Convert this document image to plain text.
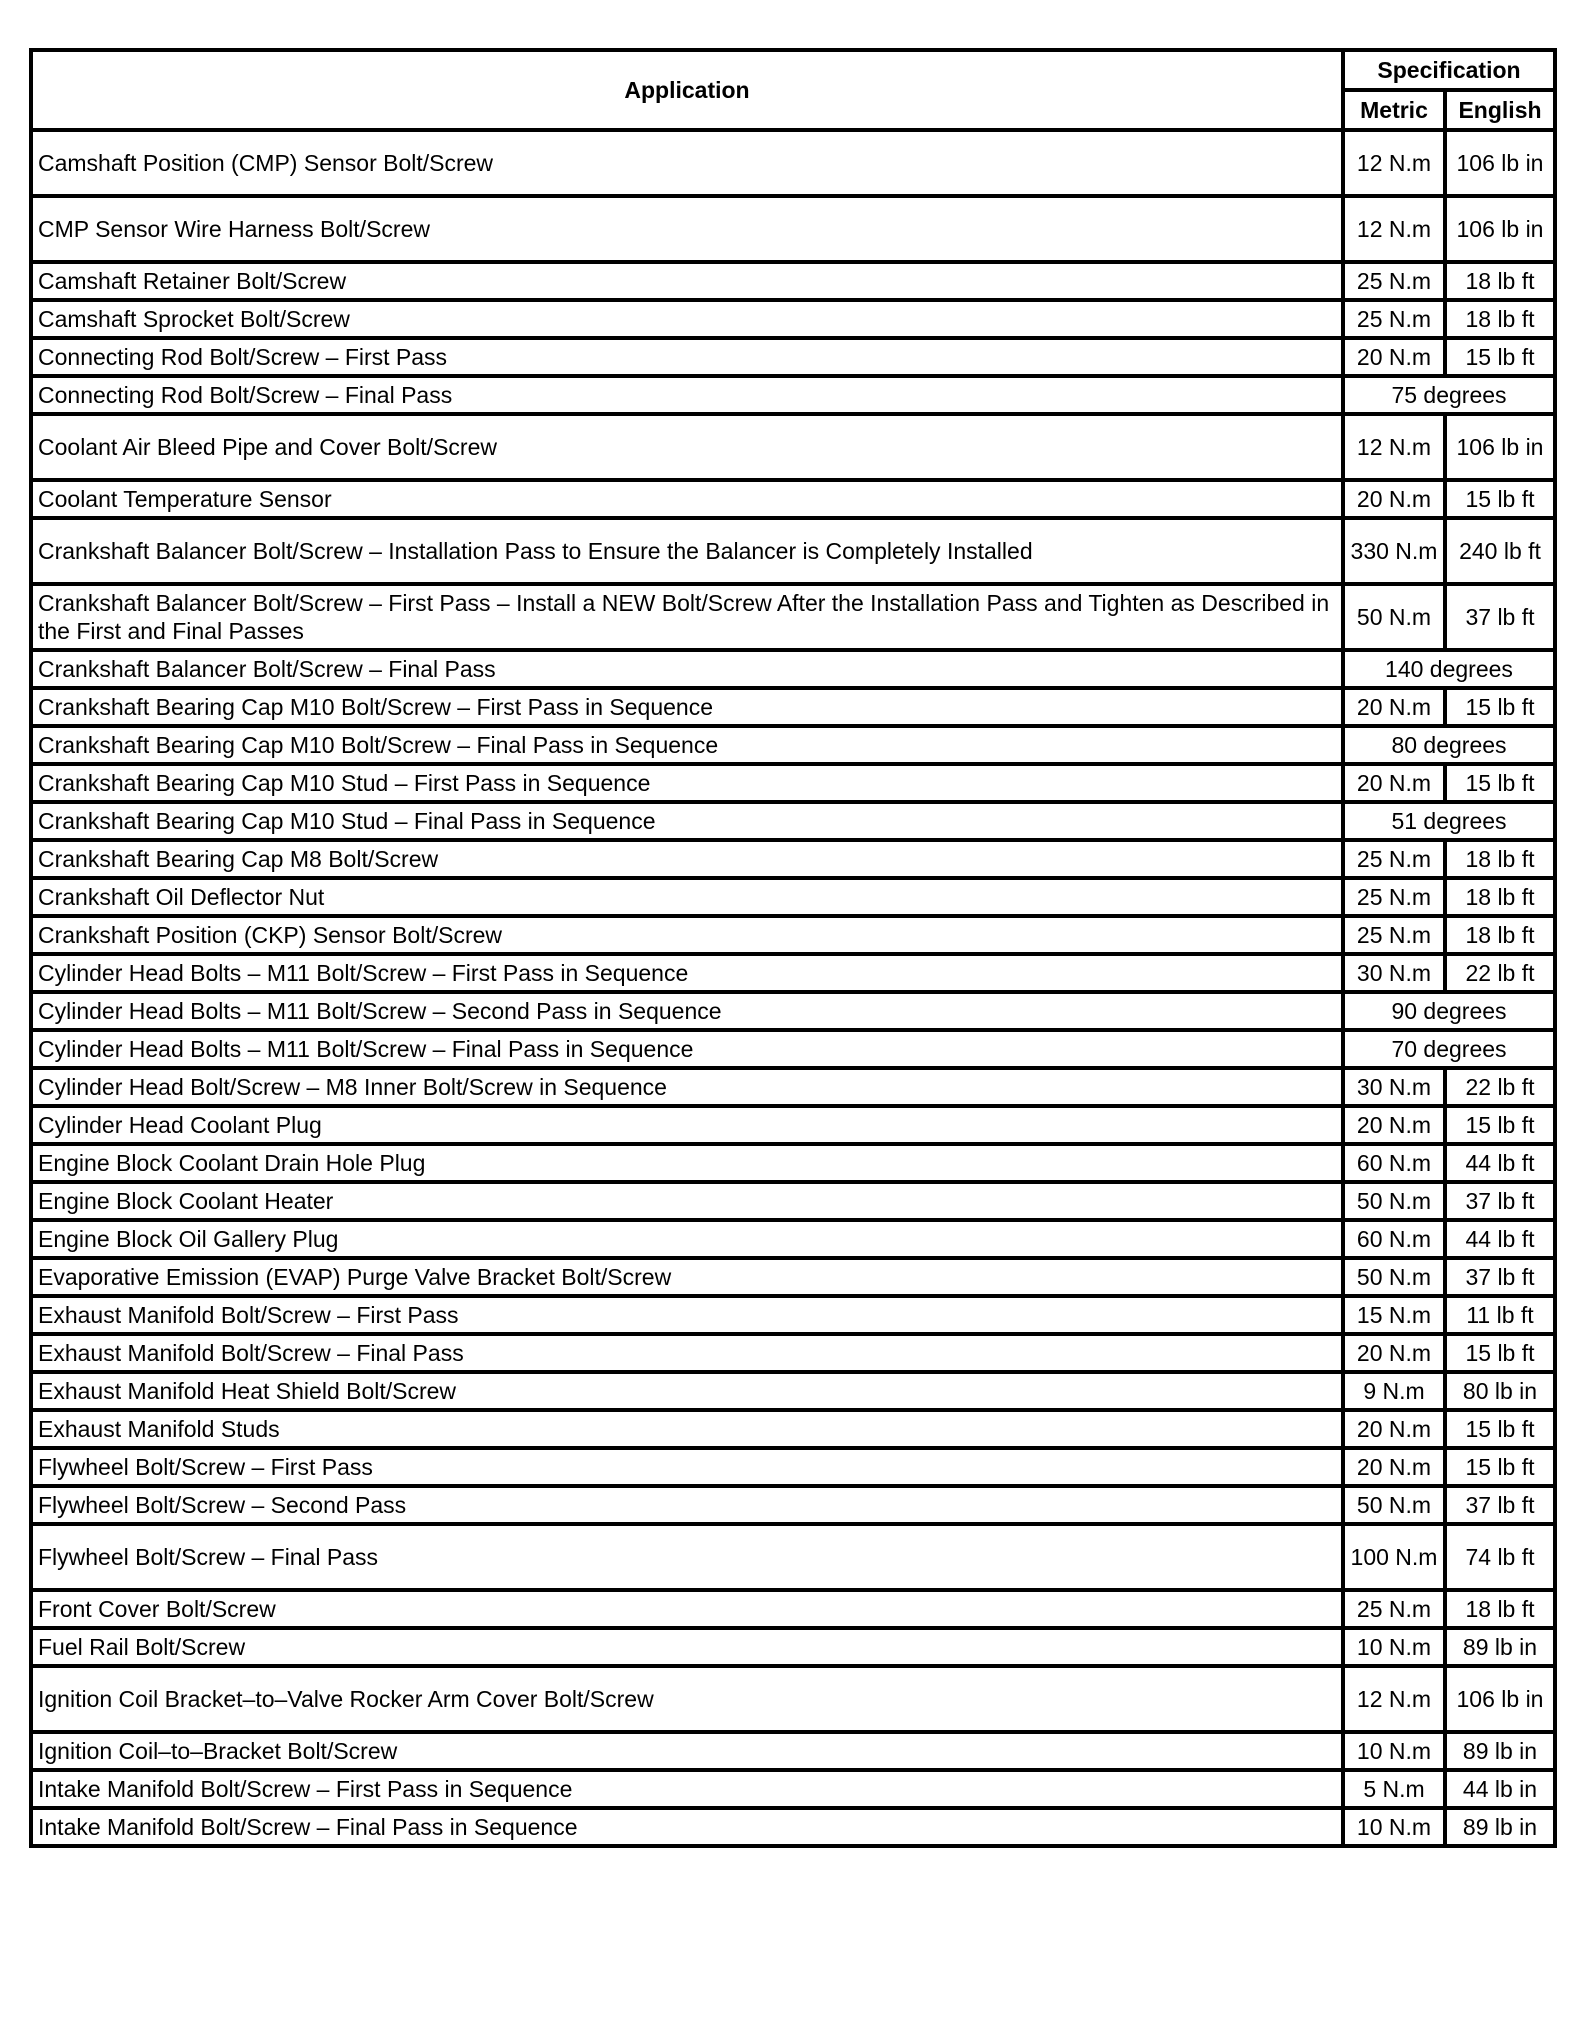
Application	Specification	
	Metric	English
Camshaft Position (CMP) Sensor Bolt/Screw	12 N.m	106 lb in
CMP Sensor Wire Harness Bolt/Screw	12 N.m	106 lb in
Camshaft Retainer Bolt/Screw	25 N.m	18 lb ft
Camshaft Sprocket Bolt/Screw	25 N.m	18 lb ft
Connecting Rod Bolt/Screw – First Pass	20 N.m	15 lb ft
Connecting Rod Bolt/Screw – Final Pass	75 degrees	
Coolant Air Bleed Pipe and Cover Bolt/Screw	12 N.m	106 lb in
Coolant Temperature Sensor	20 N.m	15 lb ft
Crankshaft Balancer Bolt/Screw – Installation Pass to Ensure the Balancer is Completely Installed	330 N.m	240 lb ft
Crankshaft Balancer Bolt/Screw – First Pass – Install a NEW Bolt/Screw After the Installation Pass and Tighten as Described in the First and Final Passes	50 N.m	37 lb ft
Crankshaft Balancer Bolt/Screw – Final Pass	140 degrees	
Crankshaft Bearing Cap M10 Bolt/Screw – First Pass in Sequence	20 N.m	15 lb ft
Crankshaft Bearing Cap M10 Bolt/Screw – Final Pass in Sequence	80 degrees	
Crankshaft Bearing Cap M10 Stud – First Pass in Sequence	20 N.m	15 lb ft
Crankshaft Bearing Cap M10 Stud – Final Pass in Sequence	51 degrees	
Crankshaft Bearing Cap M8 Bolt/Screw	25 N.m	18 lb ft
Crankshaft Oil Deflector Nut	25 N.m	18 lb ft
Crankshaft Position (CKP) Sensor Bolt/Screw	25 N.m	18 lb ft
Cylinder Head Bolts – M11 Bolt/Screw – First Pass in Sequence	30 N.m	22 lb ft
Cylinder Head Bolts – M11 Bolt/Screw – Second Pass in Sequence	90 degrees	
Cylinder Head Bolts – M11 Bolt/Screw – Final Pass in Sequence	70 degrees	
Cylinder Head Bolt/Screw – M8 Inner Bolt/Screw in Sequence	30 N.m	22 lb ft
Cylinder Head Coolant Plug	20 N.m	15 lb ft
Engine Block Coolant Drain Hole Plug	60 N.m	44 lb ft
Engine Block Coolant Heater	50 N.m	37 lb ft
Engine Block Oil Gallery Plug	60 N.m	44 lb ft
Evaporative Emission (EVAP) Purge Valve Bracket Bolt/Screw	50 N.m	37 lb ft
Exhaust Manifold Bolt/Screw – First Pass	15 N.m	11 lb ft
Exhaust Manifold Bolt/Screw – Final Pass	20 N.m	15 lb ft
Exhaust Manifold Heat Shield Bolt/Screw	9 N.m	80 lb in
Exhaust Manifold Studs	20 N.m	15 lb ft
Flywheel Bolt/Screw – First Pass	20 N.m	15 lb ft
Flywheel Bolt/Screw – Second Pass	50 N.m	37 lb ft
Flywheel Bolt/Screw – Final Pass	100 N.m	74 lb ft
Front Cover Bolt/Screw	25 N.m	18 lb ft
Fuel Rail Bolt/Screw	10 N.m	89 lb in
Ignition Coil Bracket–to–Valve Rocker Arm Cover Bolt/Screw	12 N.m	106 lb in
Ignition Coil–to–Bracket Bolt/Screw	10 N.m	89 lb in
Intake Manifold Bolt/Screw – First Pass in Sequence	5 N.m	44 lb in
Intake Manifold Bolt/Screw – Final Pass in Sequence	10 N.m	89 lb in
